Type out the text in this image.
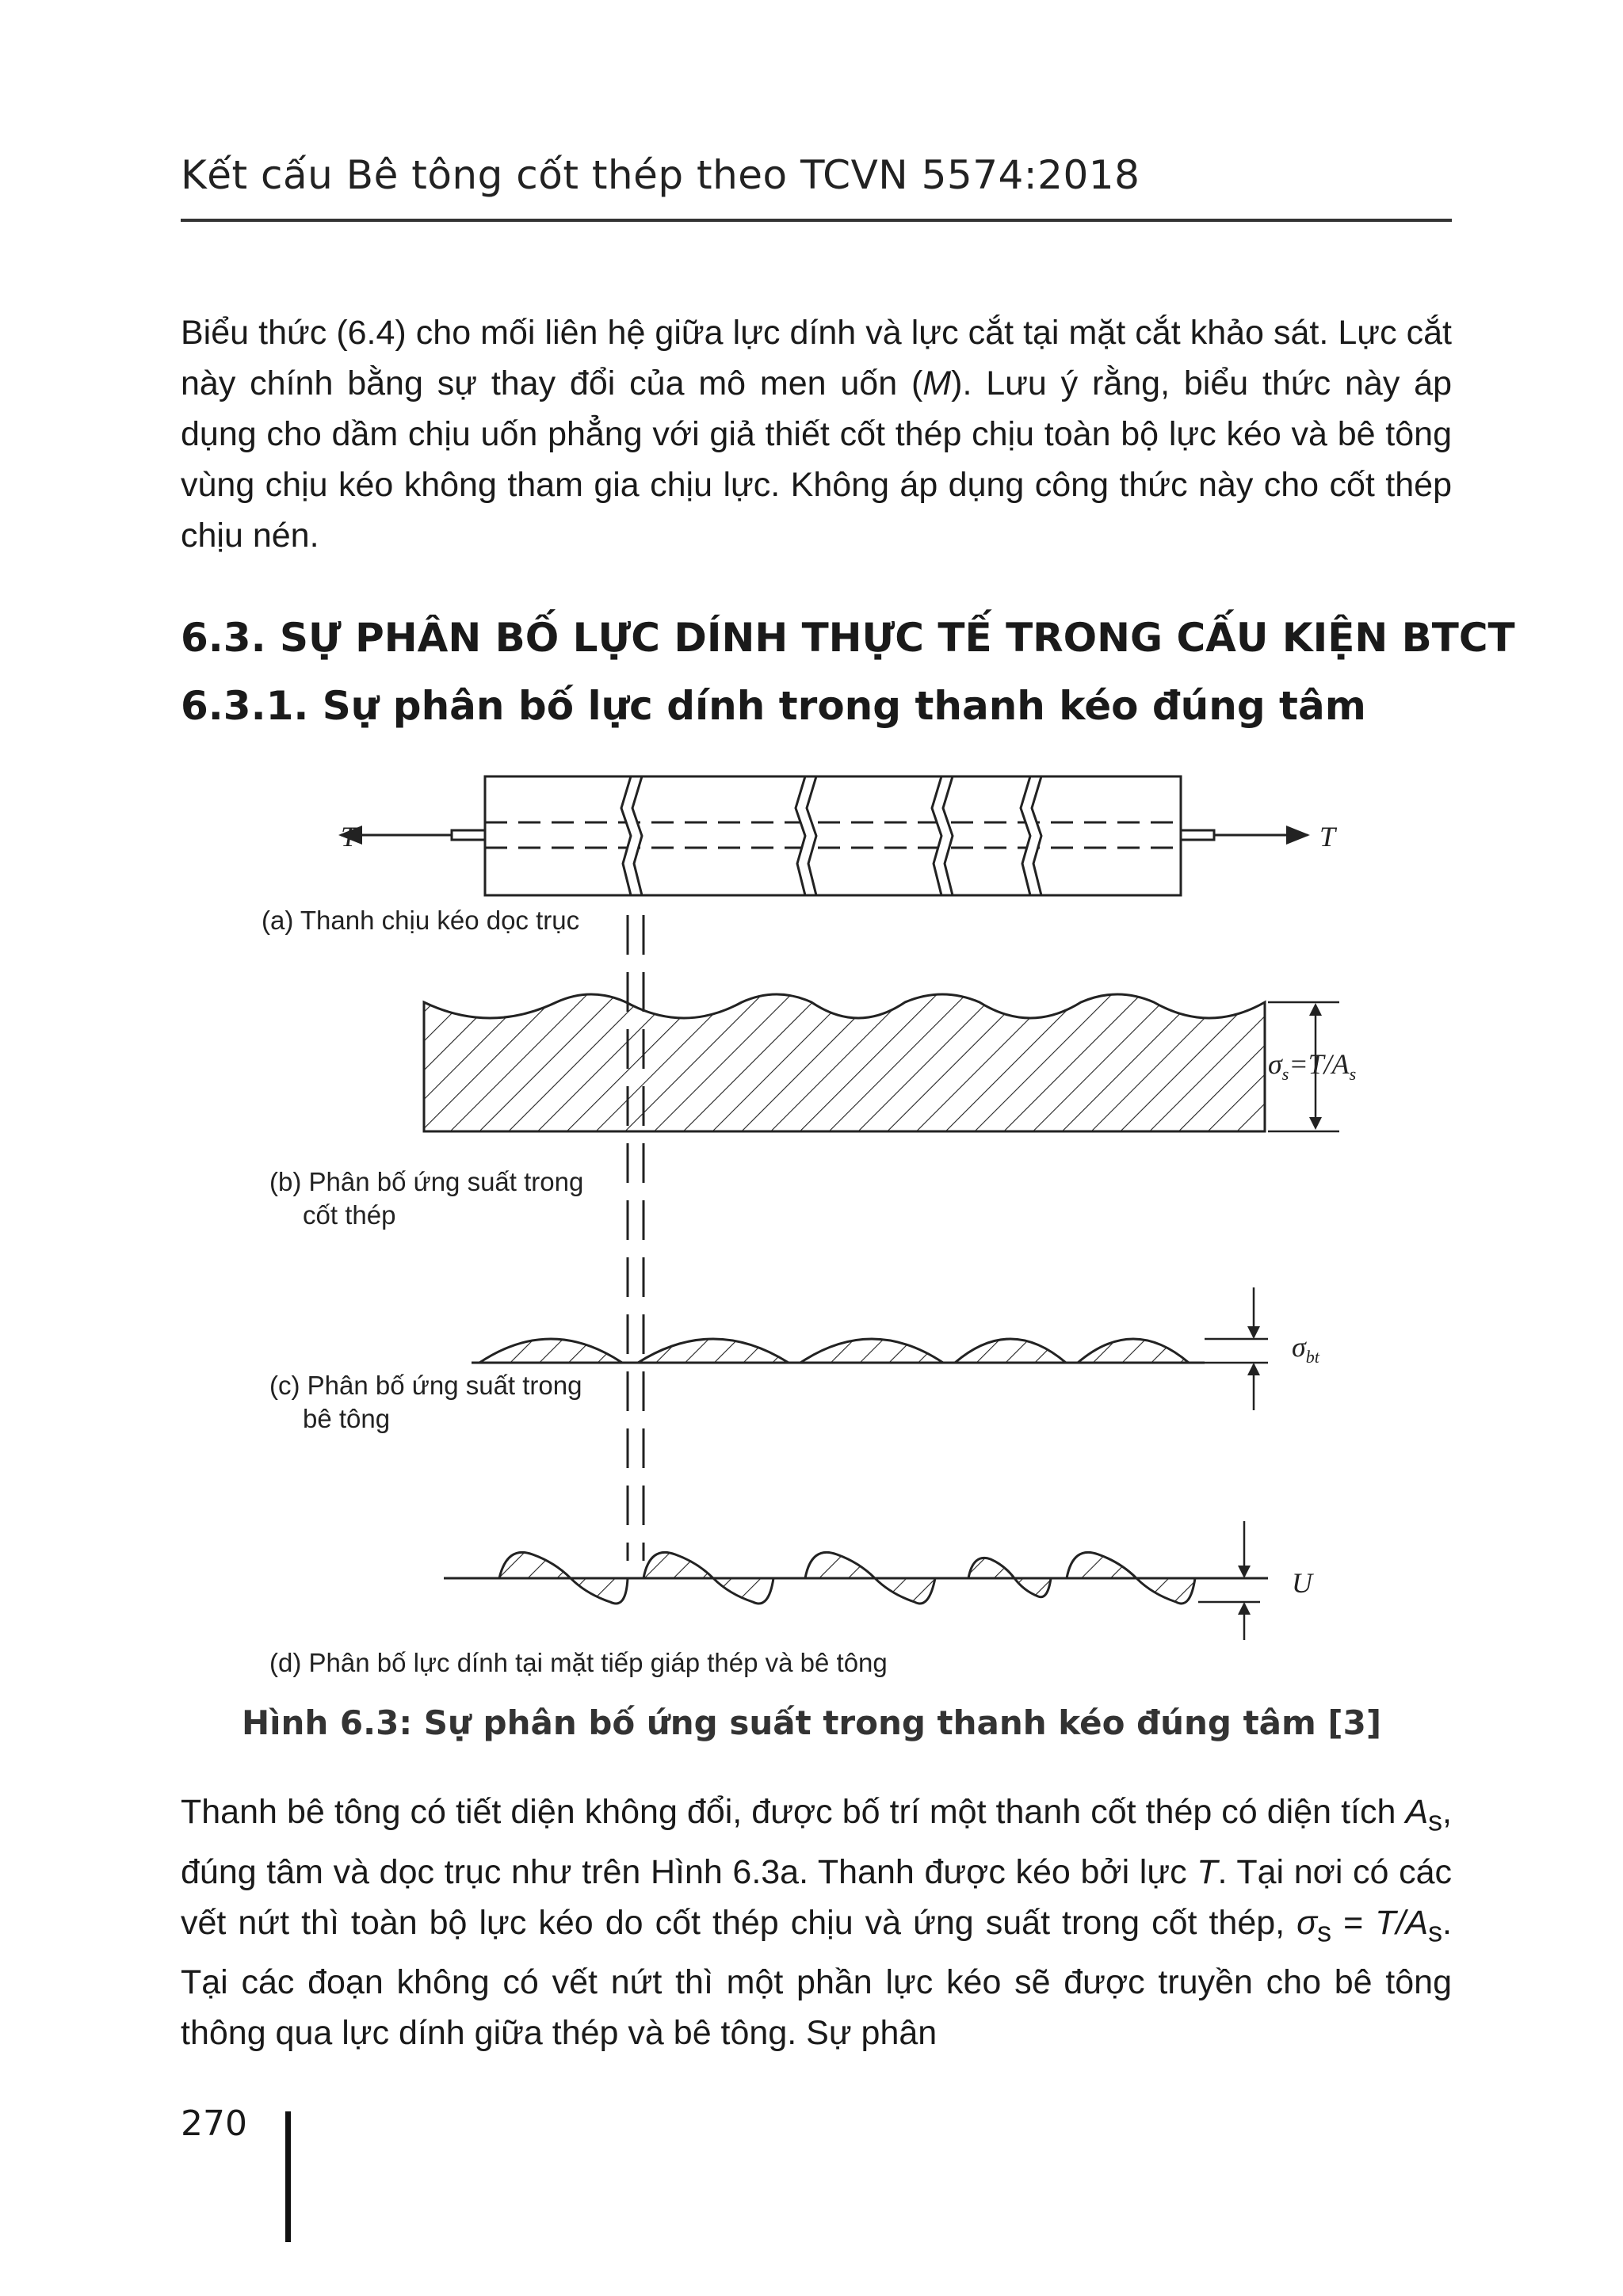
Kết cấu Bê tông cốt thép theo TCVN 5574:2018

Biểu thức (6.4) cho mối liên hệ giữa lực dính và lực cắt tại mặt cắt khảo sát. Lực cắt này chính bằng sự thay đổi của mô men uốn (M). Lưu ý rằng, biểu thức này áp dụng cho dầm chịu uốn phẳng với giả thiết cốt thép chịu toàn bộ lực kéo và bê tông vùng chịu kéo không tham gia chịu lực. Không áp dụng công thức này cho cốt thép chịu nén.

6.3. SỰ PHÂN BỐ LỰC DÍNH THỰC TẾ TRONG CẤU KIỆN BTCT
6.3.1. Sự phân bố lực dính trong thanh kéo đúng tâm
T	T
(a) Thanh chịu kéo dọc trục
$\sigma_s=T/A_s$
(b) Phân bố ứng suất trong
cốt thép
$\sigma_{bt}$
(c) Phân bố ứng suất trong
bê tông
U
(d) Phân bố lực dính tại mặt tiếp giáp thép và bê tông
Hình 6.3: Sự phân bố ứng suất trong thanh kéo đúng tâm [3]

Thanh bê tông có tiết diện không đổi, được bố trí một thanh cốt thép có diện tích $A_s$, đúng tâm và dọc trục như trên Hình 6.3a. Thanh được kéo bởi lực T. Tại nơi có các vết nứt thì toàn bộ lực kéo do cốt thép chịu và ứng suất trong cốt thép, $\sigma_s = T/A_s$. Tại các đoạn không có vết nứt thì một phần lực kéo sẽ được truyền cho bê tông thông qua lực dính giữa thép và bê tông. Sự phân

270
